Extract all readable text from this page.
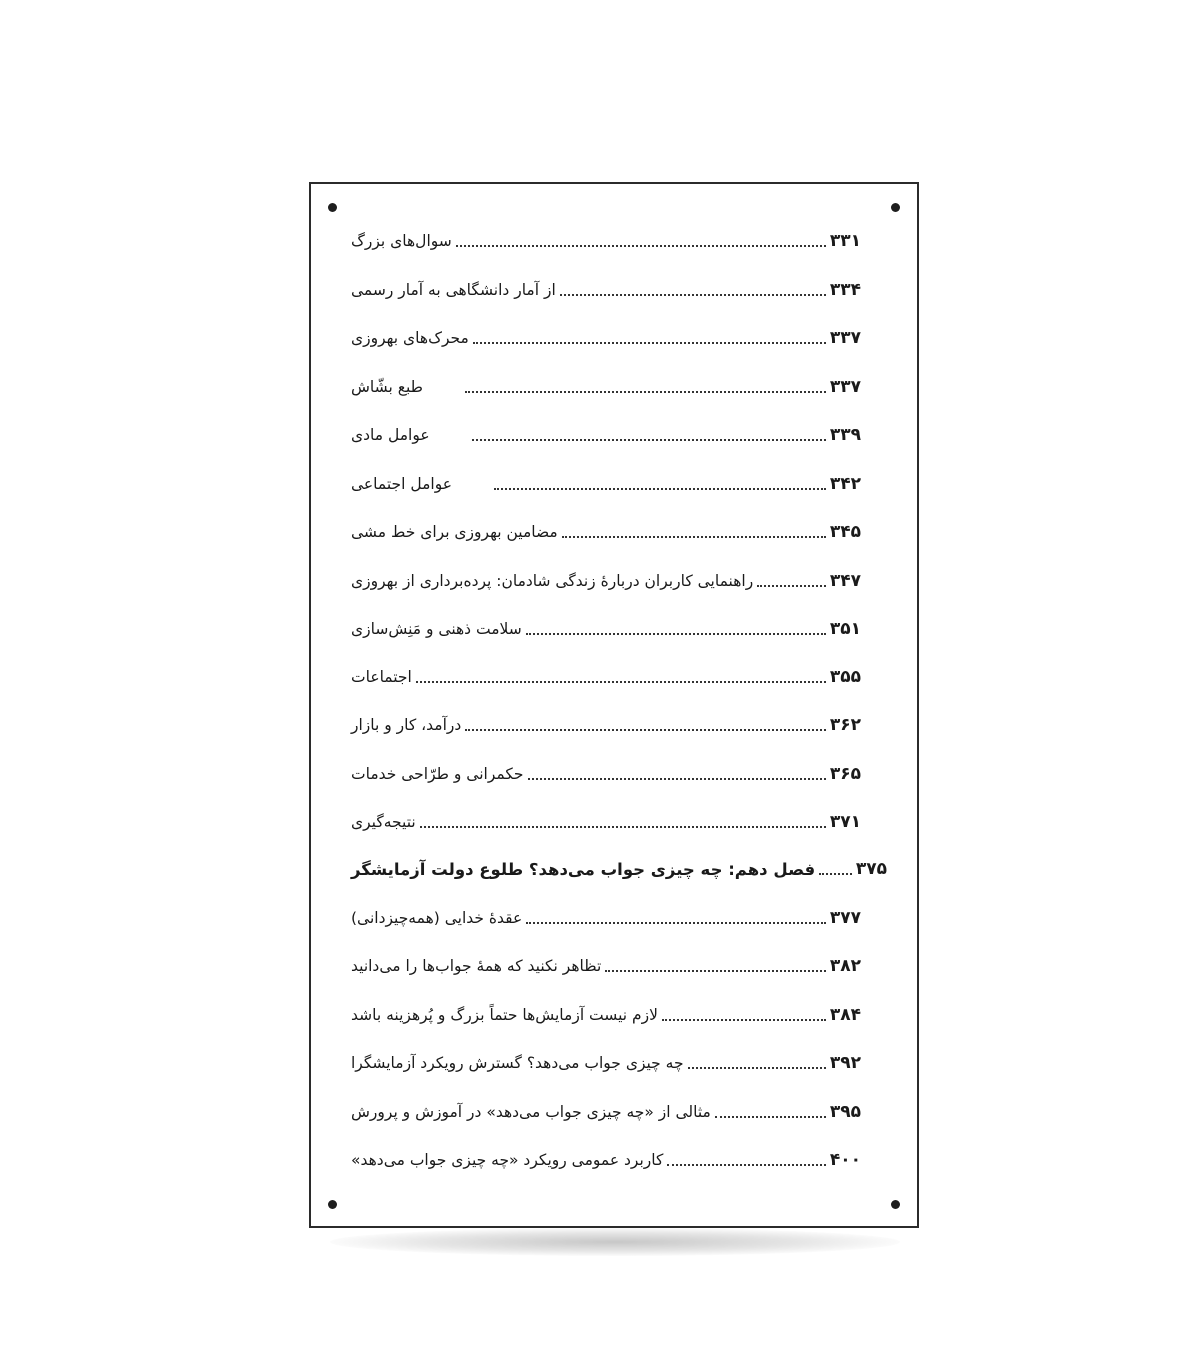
سوال‌های بزرگ	۳۳۱
از آمار دانشگاهی به آمار رسمی	۳۳۴
محرک‌های بهروزی	۳۳۷
طبع بشّاش	۳۳۷
عوامل مادی	۳۳۹
عوامل اجتماعی	۳۴۲
مضامین بهروزی برای خط مشی	۳۴۵
راهنمایی کاربران دربارهٔ زندگی شادمان: پرده‌برداری از بهروزی	۳۴۷
سلامت ذهنی و مَنِش‌سازی	۳۵۱
اجتماعات	۳۵۵
درآمد، کار و بازار	۳۶۲
حکمرانی و طرّاحی خدمات	۳۶۵
نتیجه‌گیری	۳۷۱
فصل دهم: چه چیزی جواب می‌دهد؟ طلوع دولت آزمایشگر ۳۷۵
عقدهٔ خدایی (همه‌چیزدانی)	۳۷۷
تظاهر نکنید که همهٔ جواب‌ها را می‌دانید	۳۸۲
لازم نیست آزمایش‌ها حتماً بزرگ و پُرهزینه باشد	۳۸۴
چه چیزی جواب می‌دهد؟ گسترش رویکرد آزمایشگرا	۳۹۲
مثالی از «چه چیزی جواب می‌دهد» در آموزش و پرورش	۳۹۵
کاربرد عمومی رویکرد «چه چیزی جواب می‌دهد»	۴۰۰
